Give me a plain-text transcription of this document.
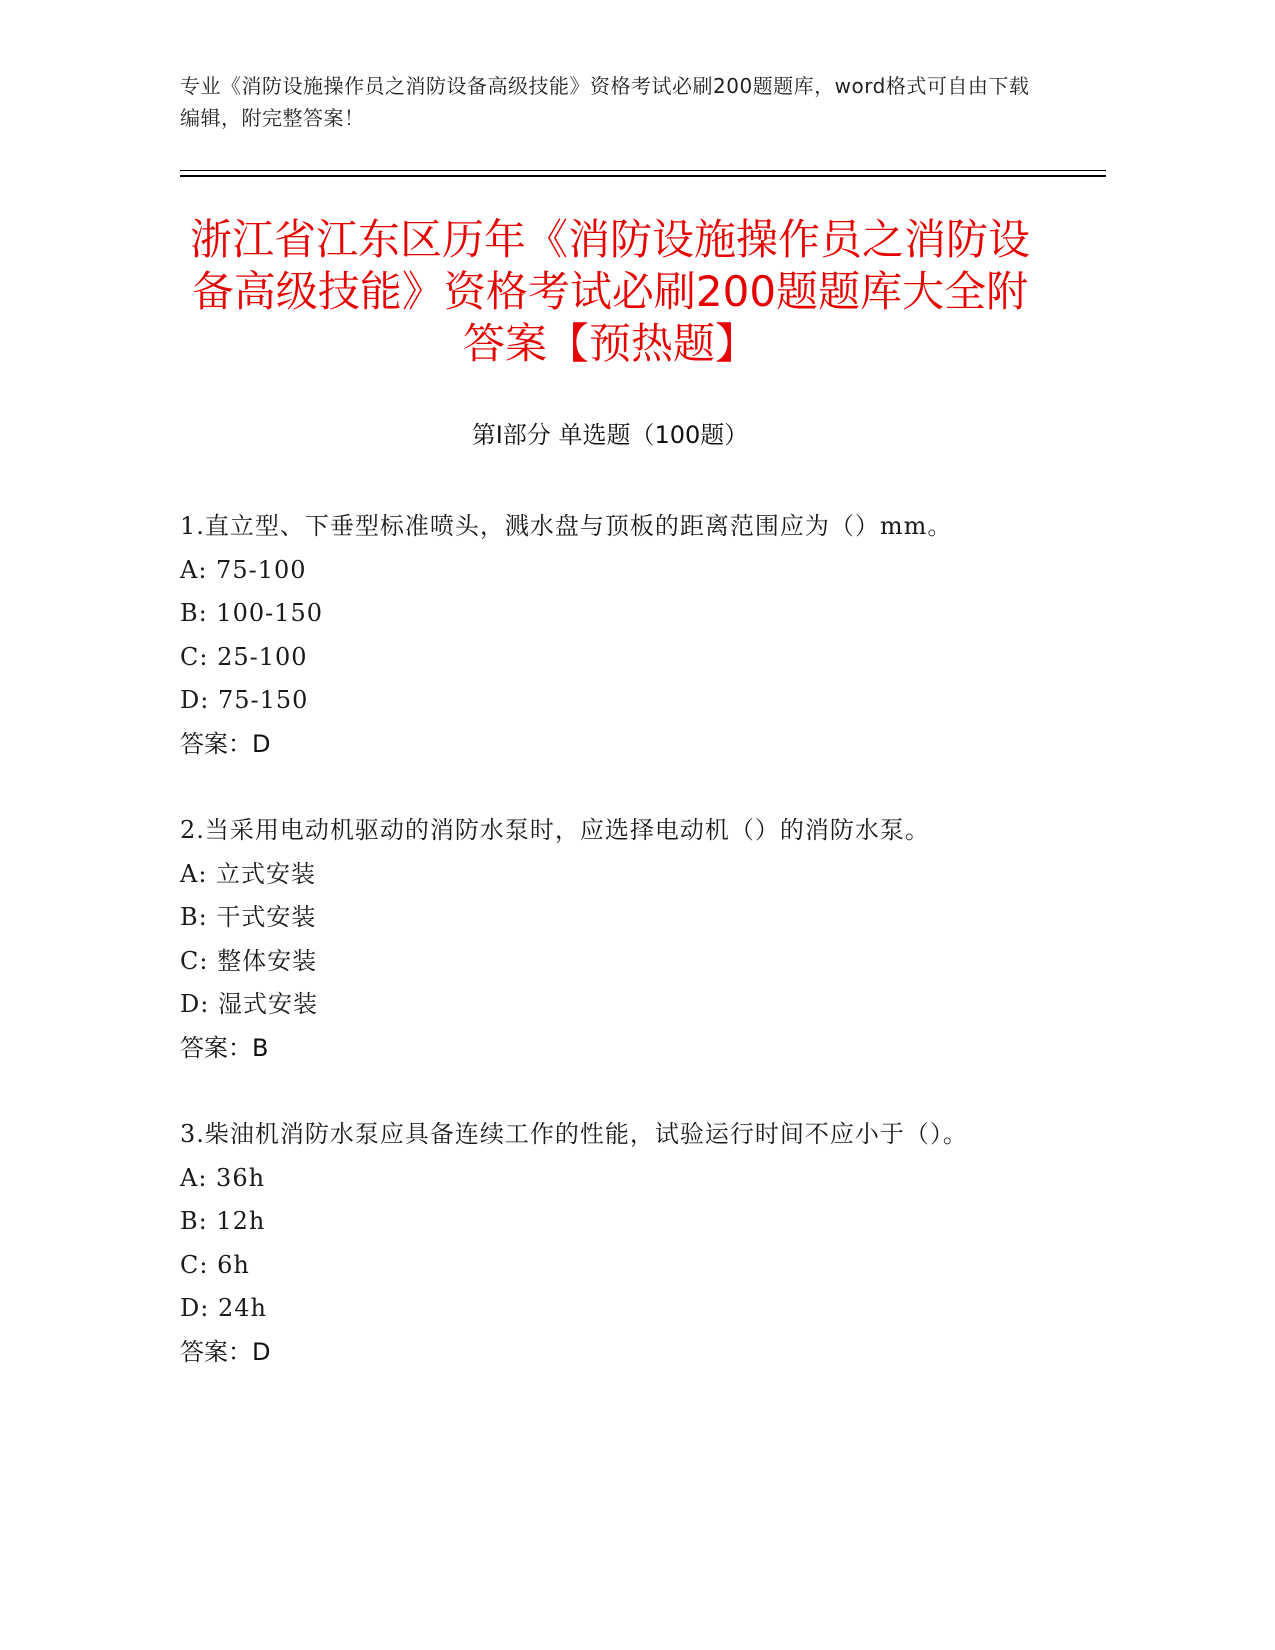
专业《消防设施操作员之消防设备高级技能》资格考试必刷200题题库，word格式可自由下载编辑，附完整答案！
浙江省江东区历年《消防设施操作员之消防设备高级技能》资格考试必刷200题题库大全附答案【预热题】
第Ⅰ部分 单选题（100题）
1.直立型、下垂型标准喷头，溅水盘与顶板的距离范围应为（）mm。
A: 75-100
B: 100-150
C: 25-100
D: 75-150
答案：D
2.当采用电动机驱动的消防水泵时，应选择电动机（）的消防水泵。
A: 立式安装
B: 干式安装
C: 整体安装
D: 湿式安装
答案：B
3.柴油机消防水泵应具备连续工作的性能，试验运行时间不应小于（）。
A: 36h
B: 12h
C: 6h
D: 24h
答案：D
